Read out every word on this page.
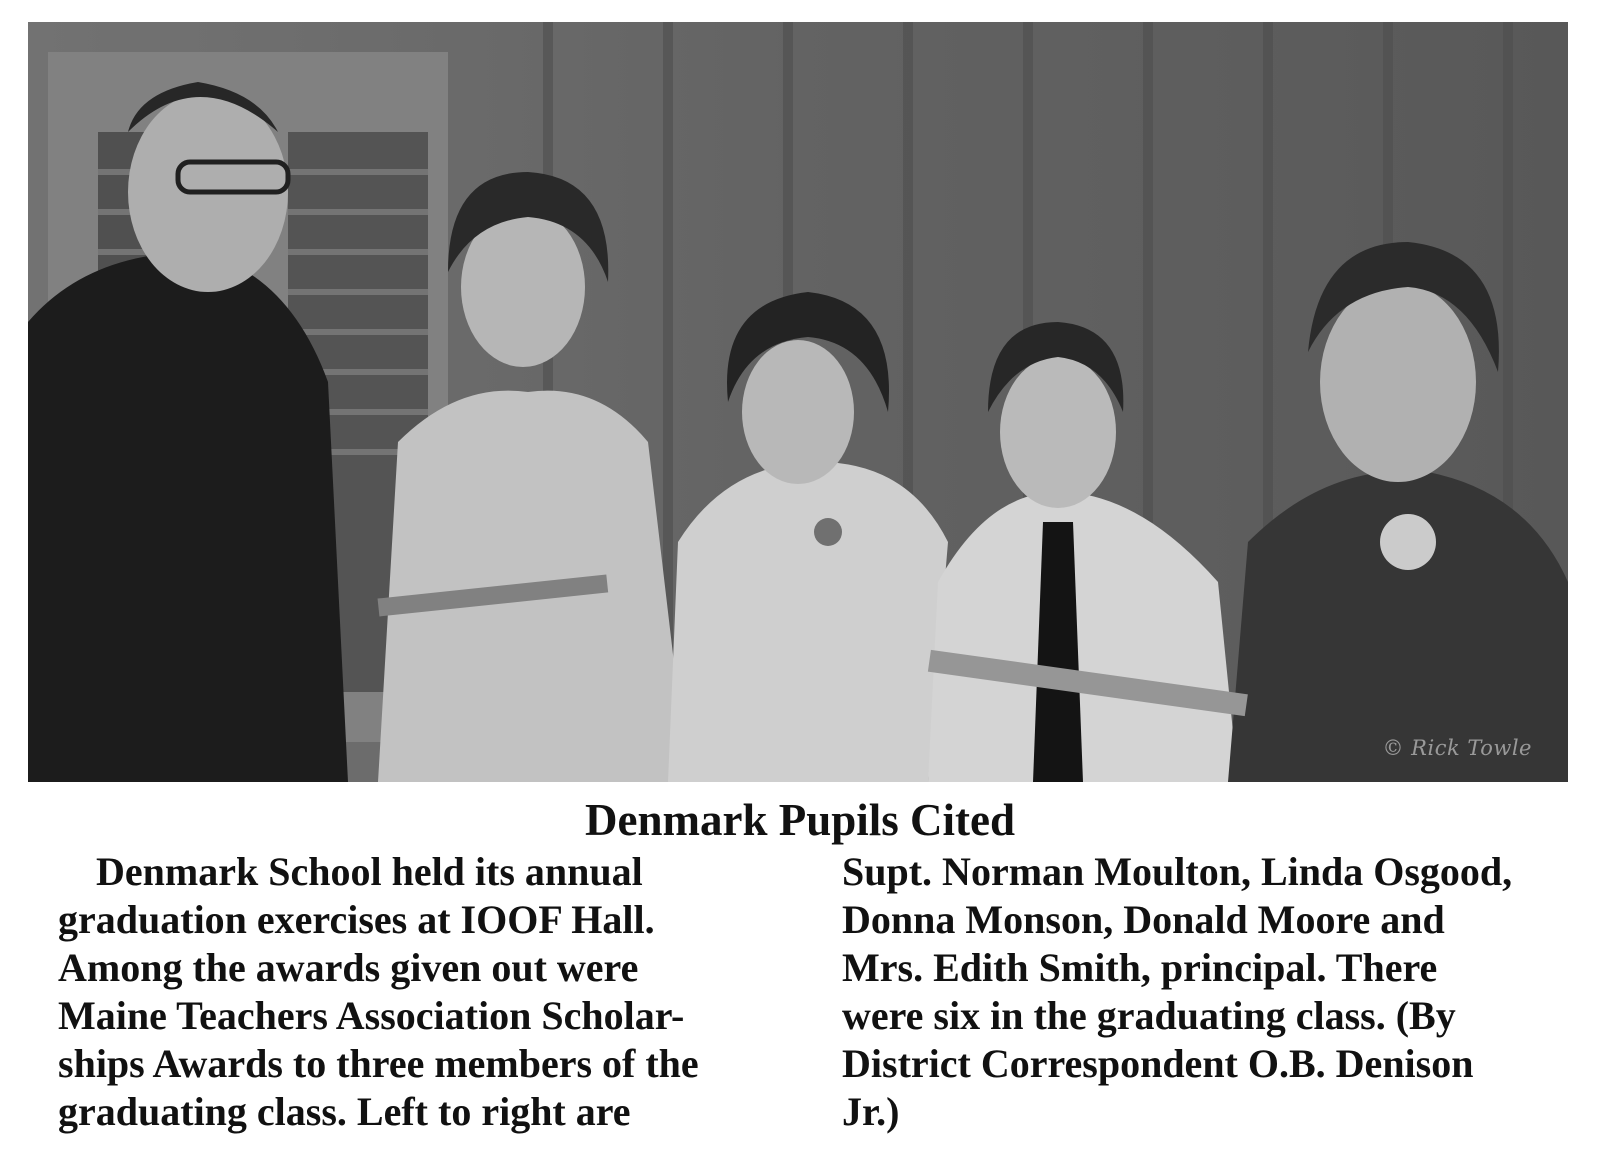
© Rick Towle
Denmark Pupils Cited
Denmark School held its annual
graduation exercises at IOOF Hall.
Among the awards given out were
Maine Teachers Association Scholar-
ships Awards to three members of the
graduating class. Left to right are
Supt. Norman Moulton, Linda Osgood,
Donna Monson, Donald Moore and
Mrs. Edith Smith, principal. There
were six in the graduating class. (By
District Correspondent O.B. Denison
Jr.)
